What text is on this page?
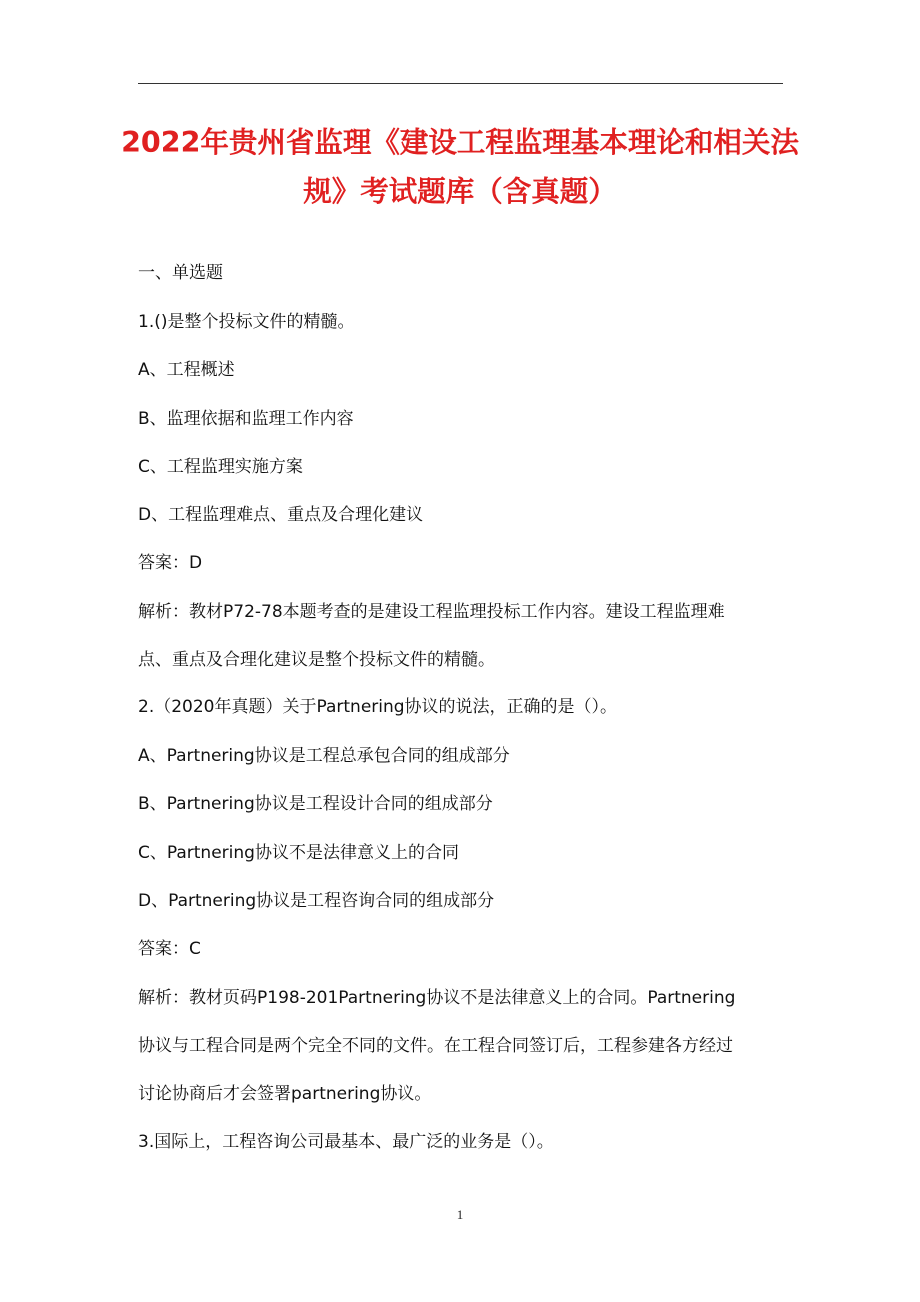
2022年贵州省监理《建设工程监理基本理论和相关法
规》考试题库（含真题）
一、单选题
1.()是整个投标文件的精髓。
A、工程概述
B、监理依据和监理工作内容
C、工程监理实施方案
D、工程监理难点、重点及合理化建议
答案：D
解析：教材P72-78本题考查的是建设工程监理投标工作内容。建设工程监理难
点、重点及合理化建议是整个投标文件的精髓。
2.（2020年真题）关于Partnering协议的说法，正确的是（）。
A、Partnering协议是工程总承包合同的组成部分
B、Partnering协议是工程设计合同的组成部分
C、Partnering协议不是法律意义上的合同
D、Partnering协议是工程咨询合同的组成部分
答案：C
解析：教材页码P198-201Partnering协议不是法律意义上的合同。Partnering
协议与工程合同是两个完全不同的文件。在工程合同签订后，工程参建各方经过
讨论协商后才会签署partnering协议。
3.国际上，工程咨询公司最基本、最广泛的业务是（）。
1
